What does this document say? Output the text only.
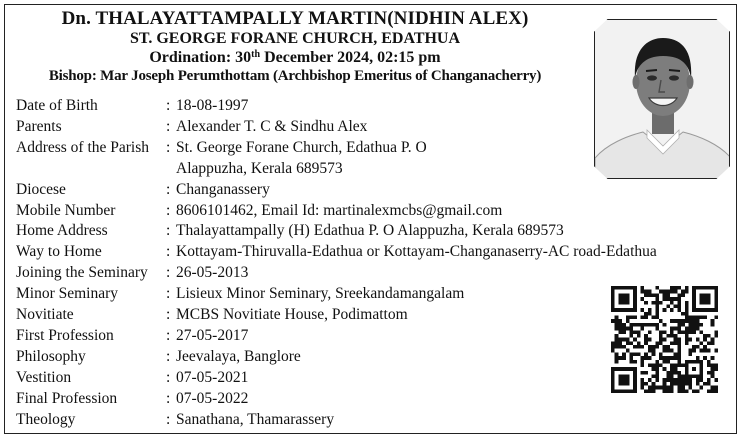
Dn. THALAYATTAMPALLY MARTIN(NIDHIN ALEX)
ST. GEORGE FORANE CHURCH, EDATHUA
Ordination: 30th December 2024, 02:15 pm
Bishop: Mar Joseph Perumthottam (Archbishop Emeritus of Changanacherry)
Date of Birth	: 18-08-1997
Parents	: Alexander T. C & Sindhu Alex
Address of the Parish	: St. George Forane Church, Edathua P. O
Alappuzha, Kerala 689573
Diocese	: Changanassery
Mobile Number	: 8606101462, Email Id: martinalexmcbs@gmail.com
Home Address	: Thalayattampally (H) Edathua P. O Alappuzha, Kerala 689573
Way to Home	: Kottayam-Thiruvalla-Edathua or Kottayam-Changanaserry-AC road-Edathua
Joining the Seminary	: 26-05-2013
Minor Seminary	: Lisieux Minor Seminary, Sreekandamangalam
Novitiate	: MCBS Novitiate House, Podimattom
First Profession	: 27-05-2017
Philosophy	: Jeevalaya, Banglore
Vestition	: 07-05-2021
Final Profession	: 07-05-2022
Theology	: Sanathana, Thamarassery
